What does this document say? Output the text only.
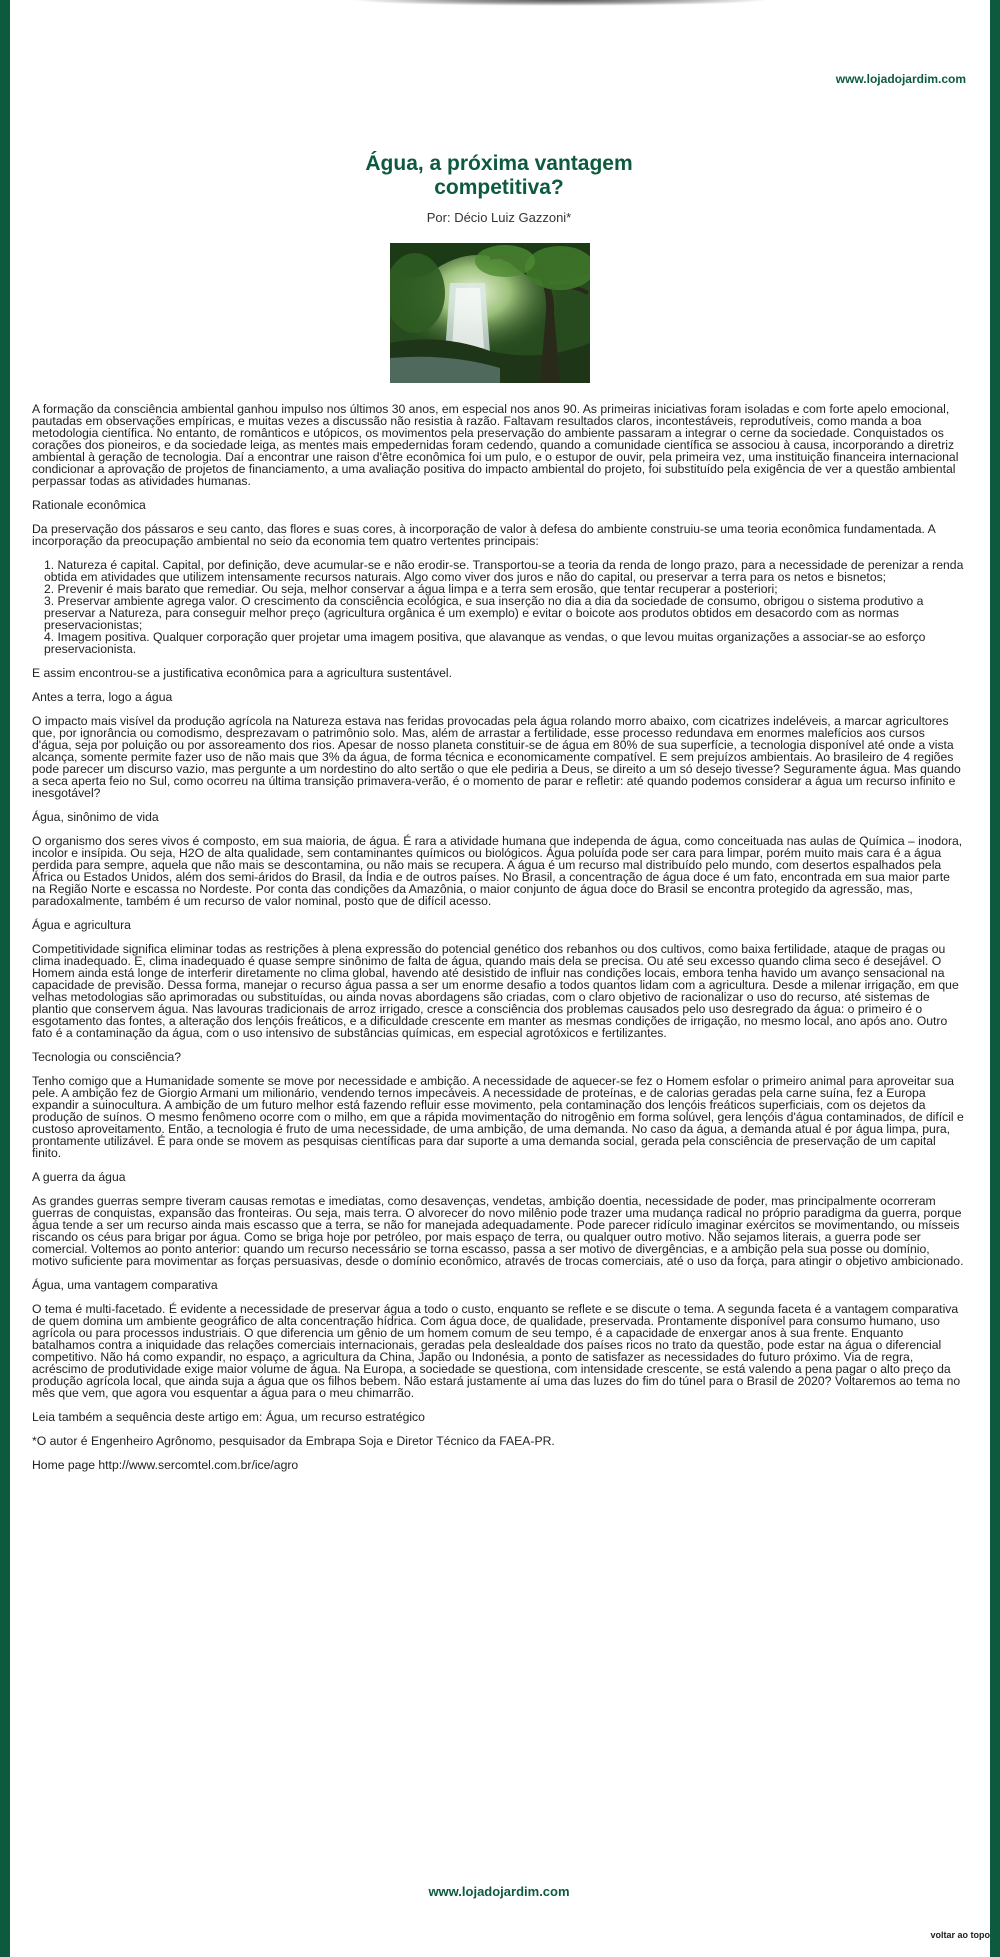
www.lojadojardim.com
Água, a próxima vantagem
competitiva?
Por: Décio Luiz Gazzoni*

A formação da consciência ambiental ganhou impulso nos últimos 30 anos, em especial nos anos 90. As primeiras iniciativas foram isoladas e com forte apelo emocional, pautadas em observações empíricas, e muitas vezes a discussão não resistia à razão. Faltavam resultados claros, incontestáveis, reprodutíveis, como manda a boa metodologia científica. No entanto, de românticos e utópicos, os movimentos pela preservação do ambiente passaram a integrar o cerne da sociedade. Conquistados os corações dos pioneiros, e da sociedade leiga, as mentes mais empedernidas foram cedendo, quando a comunidade científica se associou à causa, incorporando a diretriz ambiental à geração de tecnologia. Daí a encontrar une raison d'être econômica foi um pulo, e o estupor de ouvir, pela primeira vez, uma instituição financeira internacional condicionar a aprovação de projetos de financiamento, a uma avaliação positiva do impacto ambiental do projeto, foi substituído pela exigência de ver a questão ambiental perpassar todas as atividades humanas.

Rationale econômica

Da preservação dos pássaros e seu canto, das flores e suas cores, à incorporação de valor à defesa do ambiente construiu-se uma teoria econômica fundamentada. A incorporação da preocupação ambiental no seio da economia tem quatro vertentes principais:

1. Natureza é capital. Capital, por definição, deve acumular-se e não erodir-se. Transportou-se a teoria da renda de longo prazo, para a necessidade de perenizar a renda obtida em atividades que utilizem intensamente recursos naturais. Algo como viver dos juros e não do capital, ou preservar a terra para os netos e bisnetos;

2. Prevenir é mais barato que remediar. Ou seja, melhor conservar a água limpa e a terra sem erosão, que tentar recuperar a posteriori;

3. Preservar ambiente agrega valor. O crescimento da consciência ecológica, e sua inserção no dia a dia da sociedade de consumo, obrigou o sistema produtivo a preservar a Natureza, para conseguir melhor preço (agricultura orgânica é um exemplo) e evitar o boicote aos produtos obtidos em desacordo com as normas preservacionistas;

4. Imagem positiva. Qualquer corporação quer projetar uma imagem positiva, que alavanque as vendas, o que levou muitas organizações a associar-se ao esforço preservacionista.

E assim encontrou-se a justificativa econômica para a agricultura sustentável.

Antes a terra, logo a água

O impacto mais visível da produção agrícola na Natureza estava nas feridas provocadas pela água rolando morro abaixo, com cicatrizes indeléveis, a marcar agricultores que, por ignorância ou comodismo, desprezavam o patrimônio solo. Mas, além de arrastar a fertilidade, esse processo redundava em enormes malefícios aos cursos d'água, seja por poluição ou por assoreamento dos rios. Apesar de nosso planeta constituir-se de água em 80% de sua superfície, a tecnologia disponível até onde a vista alcança, somente permite fazer uso de não mais que 3% da água, de forma técnica e economicamente compatível. E sem prejuízos ambientais. Ao brasileiro de 4 regiões pode parecer um discurso vazio, mas pergunte a um nordestino do alto sertão o que ele pediria a Deus, se direito a um só desejo tivesse? Seguramente água. Mas quando a seca aperta feio no Sul, como ocorreu na última transição primavera-verão, é o momento de parar e refletir: até quando podemos considerar a água um recurso infinito e inesgotável?

Água, sinônimo de vida

O organismo dos seres vivos é composto, em sua maioria, de água. É rara a atividade humana que independa de água, como conceituada nas aulas de Química – inodora, incolor e insípida. Ou seja, H2O de alta qualidade, sem contaminantes químicos ou biológicos. Água poluída pode ser cara para limpar, porém muito mais cara é a água perdida para sempre, aquela que não mais se descontamina, ou não mais se recupera. A água é um recurso mal distribuído pelo mundo, com desertos espalhados pela África ou Estados Unidos, além dos semi-áridos do Brasil, da Índia e de outros países. No Brasil, a concentração de água doce é um fato, encontrada em sua maior parte na Região Norte e escassa no Nordeste. Por conta das condições da Amazônia, o maior conjunto de água doce do Brasil se encontra protegido da agressão, mas, paradoxalmente, também é um recurso de valor nominal, posto que de difícil acesso.

Água e agricultura

Competitividade significa eliminar todas as restrições à plena expressão do potencial genético dos rebanhos ou dos cultivos, como baixa fertilidade, ataque de pragas ou clima inadequado. E, clima inadequado é quase sempre sinônimo de falta de água, quando mais dela se precisa. Ou até seu excesso quando clima seco é desejável. O Homem ainda está longe de interferir diretamente no clima global, havendo até desistido de influir nas condições locais, embora tenha havido um avanço sensacional na capacidade de previsão. Dessa forma, manejar o recurso água passa a ser um enorme desafio a todos quantos lidam com a agricultura. Desde a milenar irrigação, em que velhas metodologias são aprimoradas ou substituídas, ou ainda novas abordagens são criadas, com o claro objetivo de racionalizar o uso do recurso, até sistemas de plantio que conservem água. Nas lavouras tradicionais de arroz irrigado, cresce a consciência dos problemas causados pelo uso desregrado da água: o primeiro é o esgotamento das fontes, a alteração dos lençóis freáticos, e a dificuldade crescente em manter as mesmas condições de irrigação, no mesmo local, ano após ano. Outro fato é a contaminação da água, com o uso intensivo de substâncias químicas, em especial agrotóxicos e fertilizantes.

Tecnologia ou consciência?

Tenho comigo que a Humanidade somente se move por necessidade e ambição. A necessidade de aquecer-se fez o Homem esfolar o primeiro animal para aproveitar sua pele. A ambição fez de Giorgio Armani um milionário, vendendo ternos impecáveis. A necessidade de proteínas, e de calorias geradas pela carne suína, fez a Europa expandir a suinocultura. A ambição de um futuro melhor está fazendo refluir esse movimento, pela contaminação dos lençóis freáticos superficiais, com os dejetos da produção de suínos. O mesmo fenômeno ocorre com o milho, em que a rápida movimentação do nitrogênio em forma solúvel, gera lençóis d'água contaminados, de difícil e custoso aproveitamento. Então, a tecnologia é fruto de uma necessidade, de uma ambição, de uma demanda. No caso da água, a demanda atual é por água limpa, pura, prontamente utilizável. É para onde se movem as pesquisas científicas para dar suporte a uma demanda social, gerada pela consciência de preservação de um capital finito.

A guerra da água

As grandes guerras sempre tiveram causas remotas e imediatas, como desavenças, vendetas, ambição doentia, necessidade de poder, mas principalmente ocorreram guerras de conquistas, expansão das fronteiras. Ou seja, mais terra. O alvorecer do novo milênio pode trazer uma mudança radical no próprio paradigma da guerra, porque água tende a ser um recurso ainda mais escasso que a terra, se não for manejada adequadamente. Pode parecer ridículo imaginar exércitos se movimentando, ou mísseis riscando os céus para brigar por água. Como se briga hoje por petróleo, por mais espaço de terra, ou qualquer outro motivo. Não sejamos literais, a guerra pode ser comercial. Voltemos ao ponto anterior: quando um recurso necessário se torna escasso, passa a ser motivo de divergências, e a ambição pela sua posse ou domínio, motivo suficiente para movimentar as forças persuasivas, desde o domínio econômico, através de trocas comerciais, até o uso da força, para atingir o objetivo ambicionado.

Água, uma vantagem comparativa

O tema é multi-facetado. É evidente a necessidade de preservar água a todo o custo, enquanto se reflete e se discute o tema. A segunda faceta é a vantagem comparativa de quem domina um ambiente geográfico de alta concentração hídrica. Com água doce, de qualidade, preservada. Prontamente disponível para consumo humano, uso agrícola ou para processos industriais. O que diferencia um gênio de um homem comum de seu tempo, é a capacidade de enxergar anos à sua frente. Enquanto batalhamos contra a iniquidade das relações comerciais internacionais, geradas pela deslealdade dos países ricos no trato da questão, pode estar na água o diferencial competitivo. Não há como expandir, no espaço, a agricultura da China, Japão ou Indonésia, a ponto de satisfazer as necessidades do futuro próximo. Via de regra, acréscimo de produtividade exige maior volume de água. Na Europa, a sociedade se questiona, com intensidade crescente, se está valendo a pena pagar o alto preço da produção agrícola local, que ainda suja a água que os filhos bebem. Não estará justamente aí uma das luzes do fim do túnel para o Brasil de 2020? Voltaremos ao tema no mês que vem, que agora vou esquentar a água para o meu chimarrão.

Leia também a sequência deste artigo em: Água, um recurso estratégico

*O autor é Engenheiro Agrônomo, pesquisador da Embrapa Soja e Diretor Técnico da FAEA-PR.

Home page http://www.sercomtel.com.br/ice/agro

www.lojadojardim.com
voltar ao topo
